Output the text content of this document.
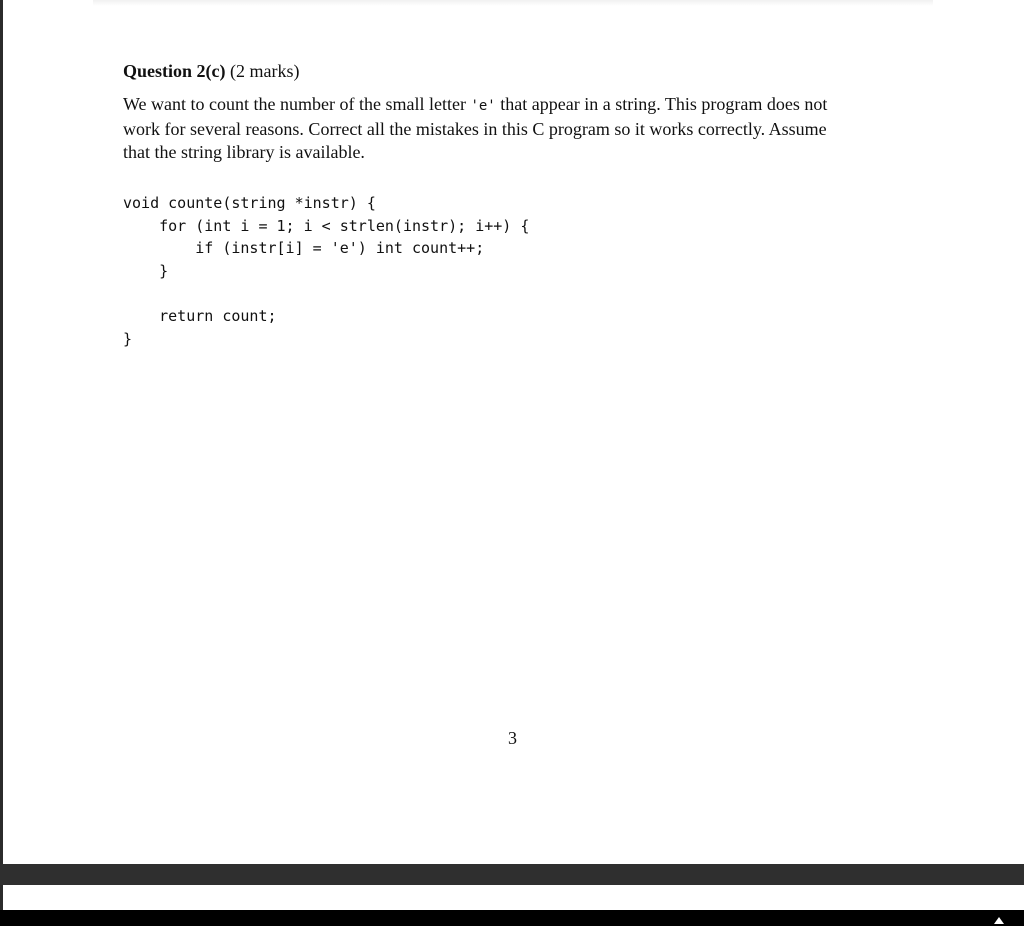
Question 2(c) (2 marks)
We want to count the number of the small letter 'e' that appear in a string. This program does not
work for several reasons. Correct all the mistakes in this C program so it works correctly. Assume
that the string library is available.
void counte(string *instr) {
for (int i = 1; i < strlen(instr); i++) {
if (instr[i] = 'e') int count++;
}
return count;
}
3
